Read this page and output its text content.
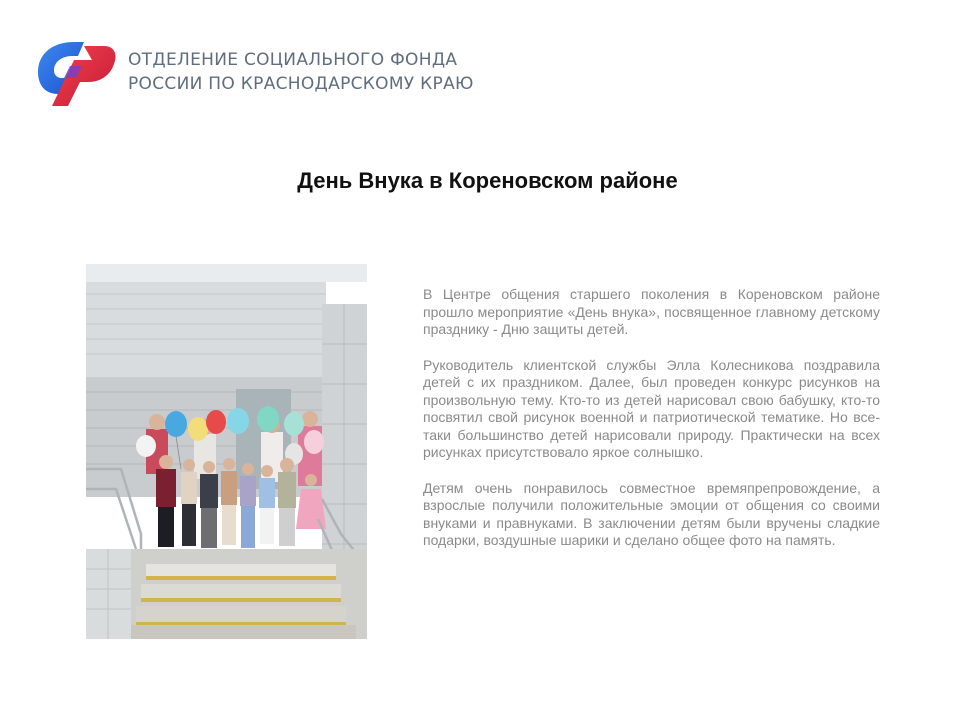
ОТДЕЛЕНИЕ СОЦИАЛЬНОГО ФОНДА
РОССИИ ПО КРАСНОДАРСКОМУ КРАЮ
День Внука в Кореновском районе

В Центре общения старшего поколения в Кореновском районе прошло мероприятие «День внука», посвященное главному детскому празднику - Дню защиты детей.

Руководитель клиентской службы Элла Колесникова поздравила детей с их праздником. Далее, был проведен конкурс рисунков на произвольную тему. Кто-то из детей нарисовал свою бабушку, кто-то посвятил свой рисунок военной и патриотической тематике. Но все-таки большинство детей нарисовали природу. Практически на всех рисунках присутствовало яркое солнышко.

Детям очень понравилось совместное времяпрепровождение, а взрослые получили положительные эмоции от общения со своими внуками и правнуками. В заключении детям были вручены сладкие подарки, воздушные шарики и сделано общее фото на память.
